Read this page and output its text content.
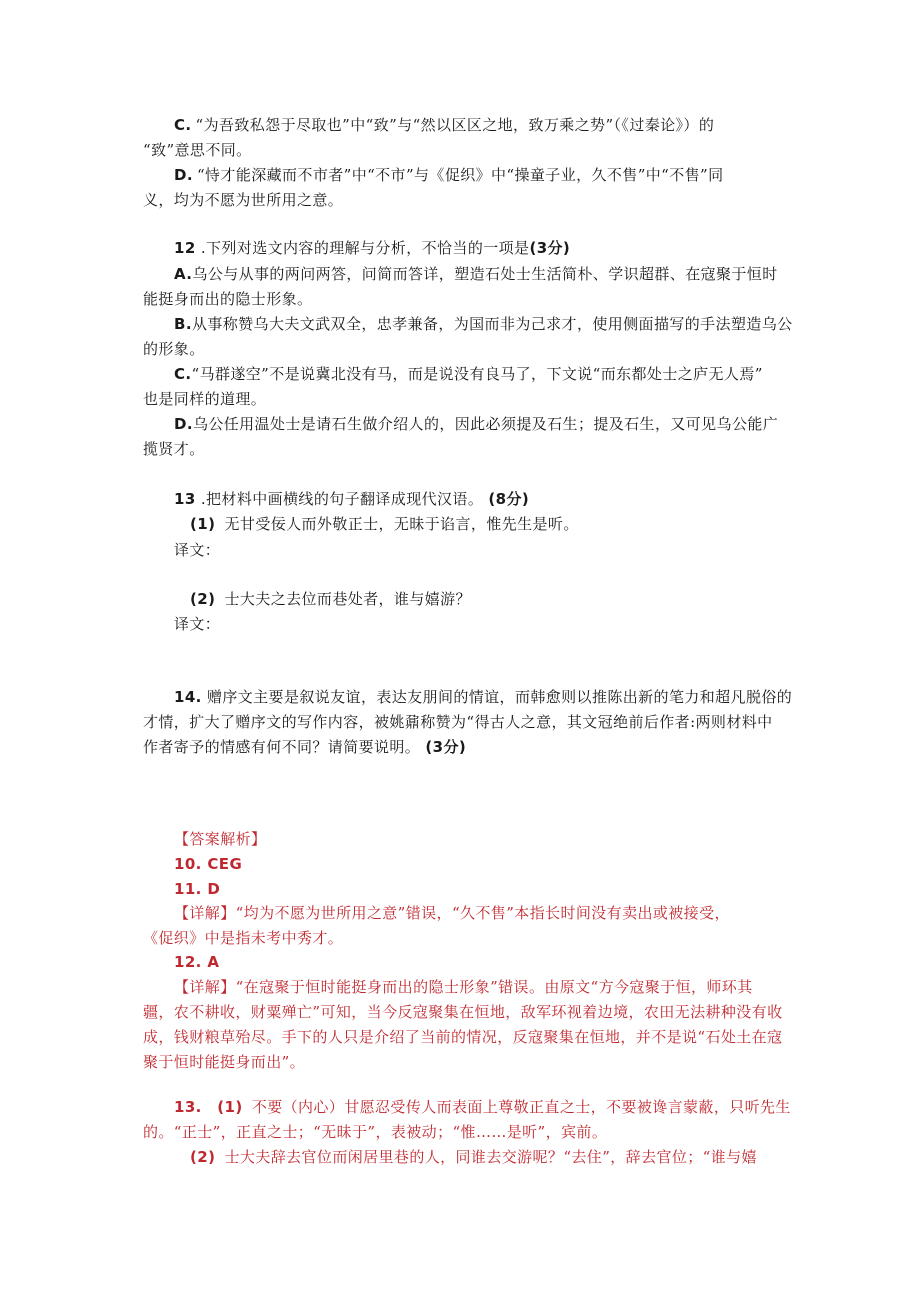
C. “为吾致私怨于尽取也”中“致”与“然以区区之地，致万乘之势”（《过秦论》）的
“致”意思不同。
D. “恃才能深藏而不市者”中“不市”与《促织》中“操童子业，久不售”中“不售”同
义，均为不愿为世所用之意。
12 .下列对选文内容的理解与分析，不恰当的一项是(3分)
A.乌公与从事的两问两答，问简而答详，塑造石处士生活简朴、学识超群、在寇聚于恒时
能挺身而出的隐士形象。
B.从事称赞乌大夫文武双全，忠孝兼备，为国而非为己求才，使用侧面描写的手法塑造乌公
的形象。
C.“马群遂空”不是说冀北没有马，而是说没有良马了，下文说“而东都处士之庐无人焉”
也是同样的道理。
D.乌公任用温处士是请石生做介绍人的，因此必须提及石生；提及石生，又可见乌公能广
揽贤才。
13 .把材料中画横线的句子翻译成现代汉语。 (8分)
(1) 无甘受佞人而外敬正士，无昧于谄言，惟先生是听。
译文：
(2) 士大夫之去位而巷处者，谁与嬉游？
译文：
14. 赠序文主要是叙说友谊，表达友朋间的情谊，而韩愈则以推陈出新的笔力和超凡脱俗的
才情，扩大了赠序文的写作内容，被姚鼐称赞为“得古人之意，其文冠绝前后作者:两则材料中
作者寄予的情感有何不同？请简要说明。 (3分)
【答案解析】
10. CEG
11. D
【详解】“均为不愿为世所用之意”错误，“久不售”本指长时间没有卖出或被接受，
《促织》中是指未考中秀才。
12. A
【详解】“在寇聚于恒时能挺身而出的隐士形象”错误。由原文“方今寇聚于恒，师环其
疆，农不耕收，财粟殚亡”可知，当今反寇聚集在恒地，敌军环视着边境，农田无法耕种没有收
成，钱财粮草殆尽。手下的人只是介绍了当前的情况，反寇聚集在恒地，并不是说“石处土在寇
聚于恒时能挺身而出”。
13. (1) 不要（内心）甘愿忍受传人而表面上尊敬正直之士，不要被谗言蒙蔽，只听先生
的。“正士”，正直之士；“无昧于”，表被动；“惟……是听”，宾前。
(2) 士大夫辞去官位而闲居里巷的人，同谁去交游呢？“去住”，辞去官位；“谁与嬉
